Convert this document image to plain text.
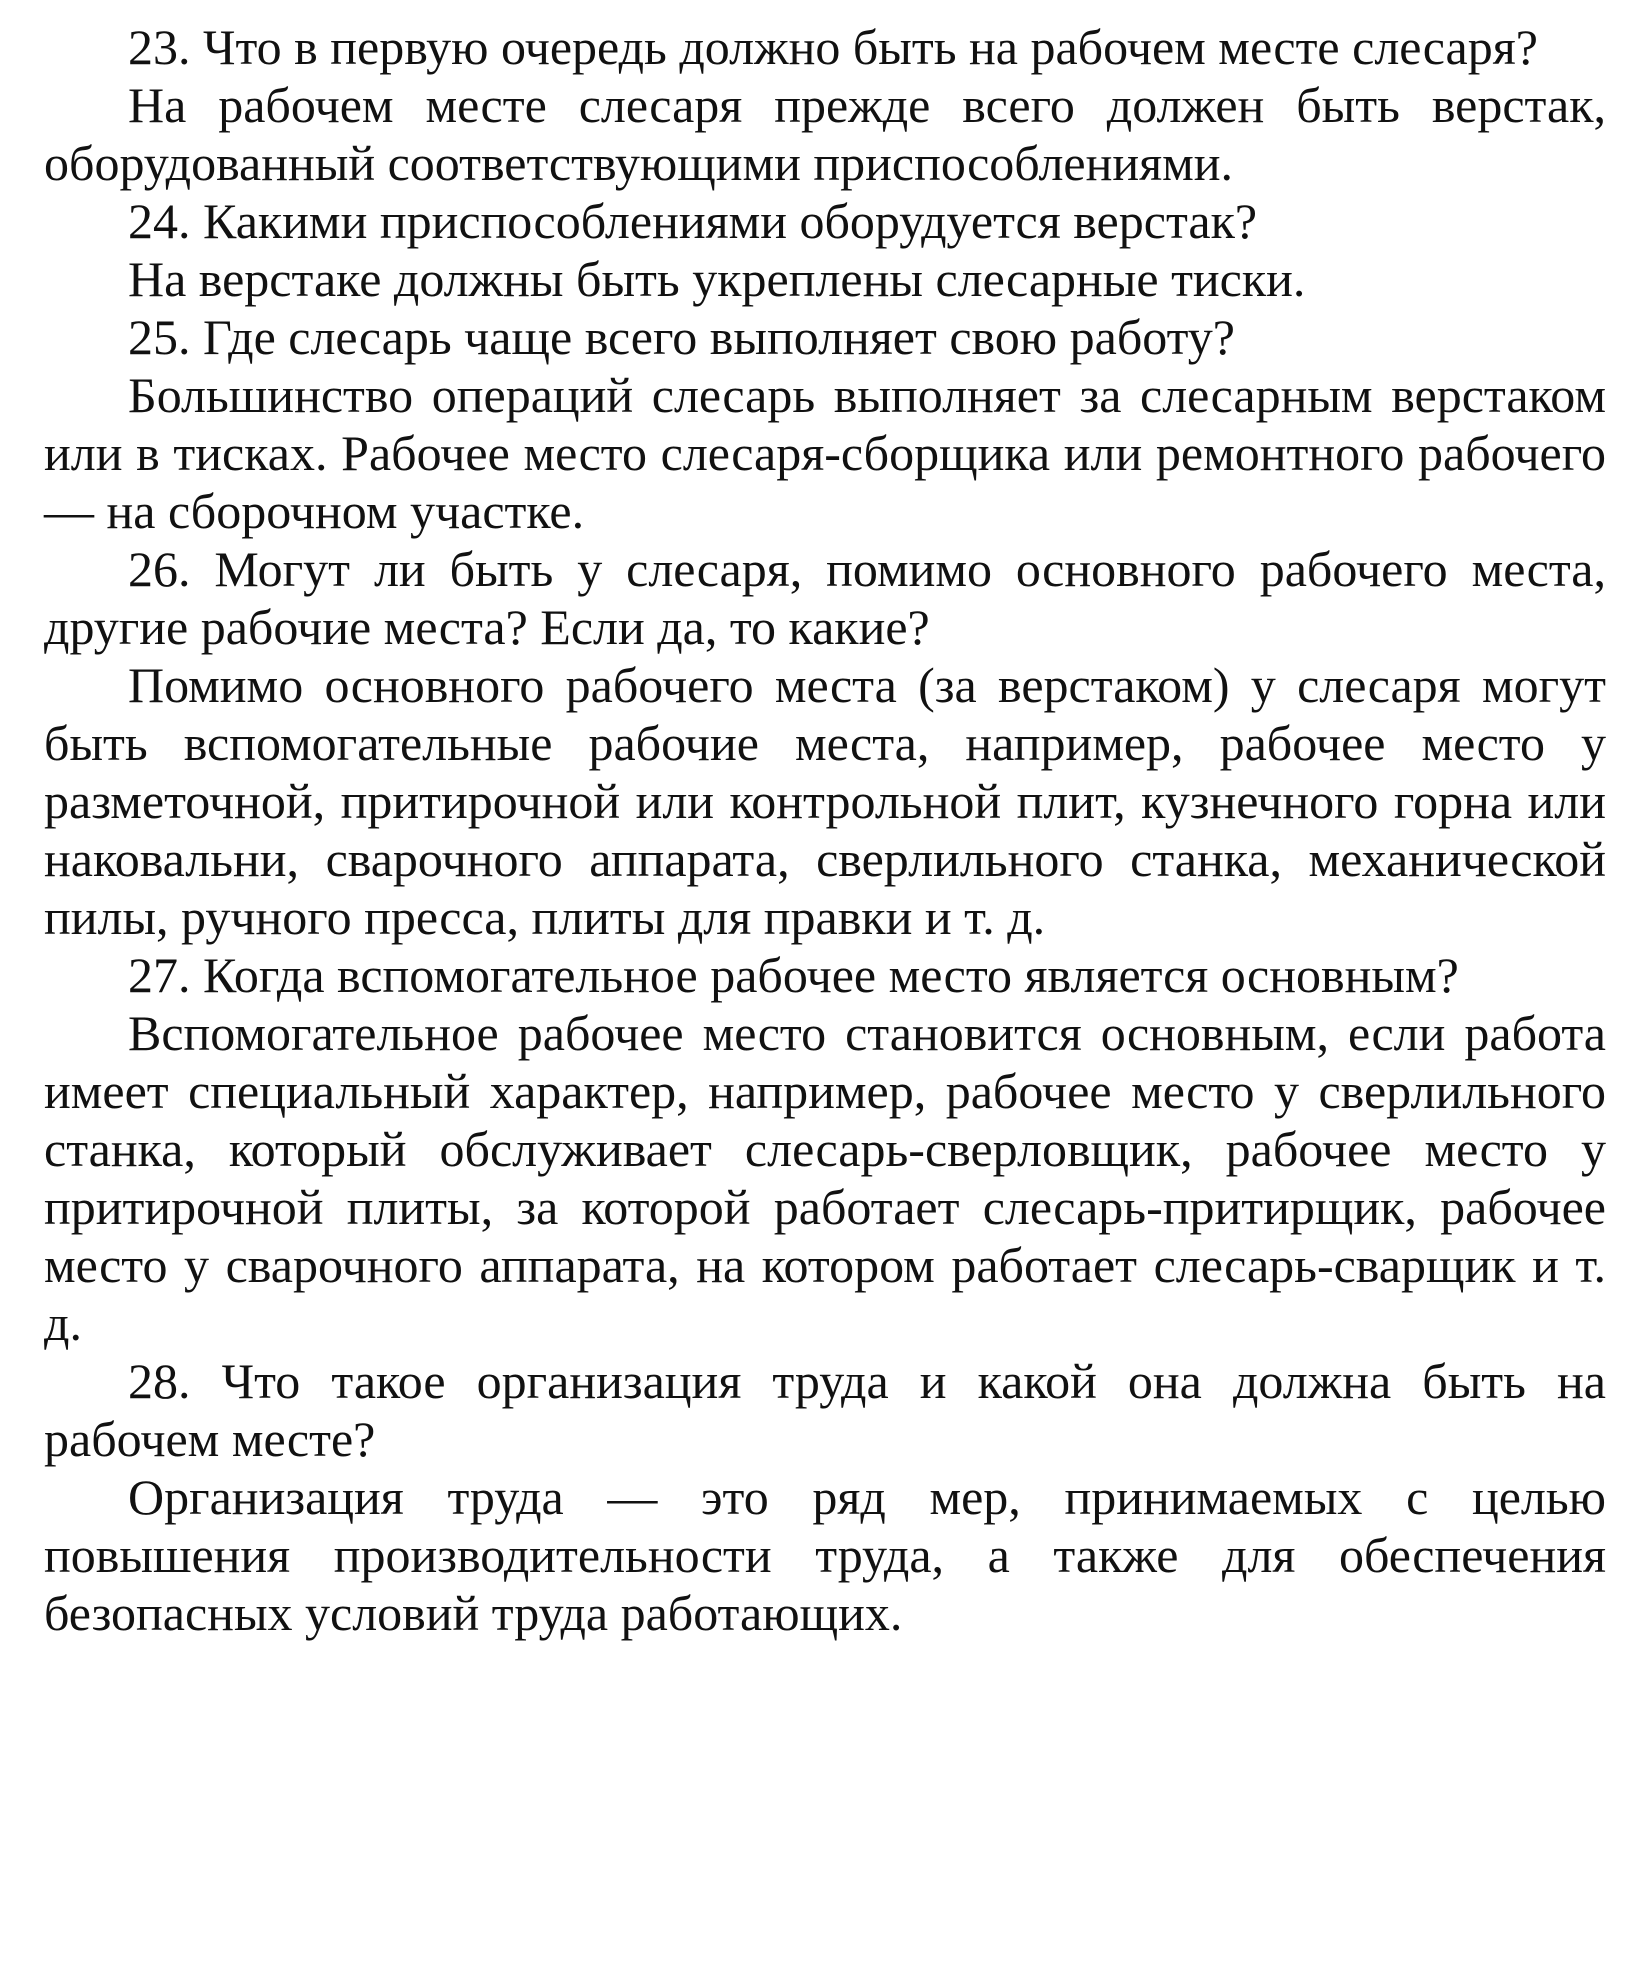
23. Что в первую очередь должно быть на рабочем месте слесаря?

На рабочем месте слесаря прежде всего должен быть верстак, оборудованный соответствующими приспособлениями.

24. Какими приспособлениями оборудуется верстак?

На верстаке должны быть укреплены слесарные тиски.

25. Где слесарь чаще всего выполняет свою работу?

Большинство операций слесарь выполняет за слесарным верстаком или в тисках. Рабочее место слесаря-сборщика или ремонтного рабочего — на сборочном участке.

26. Могут ли быть у слесаря, помимо основного рабочего места, другие рабочие места? Если да, то какие?

Помимо основного рабочего места (за верстаком) у слесаря могут быть вспомогательные рабочие места, например, рабочее место у разметочной, притирочной или контрольной плит, кузнечного горна или наковальни, сварочного аппарата, сверлильного станка, механической пилы, ручного пресса, плиты для правки и т. д.

27. Когда вспомогательное рабочее место является основным?

Вспомогательное рабочее место становится основным, если работа имеет специальный характер, например, рабочее место у сверлильного станка, который обслуживает слесарь-сверловщик, рабочее место у притирочной плиты, за которой работает слесарь-притирщик, рабочее место у сварочного аппарата, на котором работает слесарь-сварщик и т. д.

28. Что такое организация труда и какой она должна быть на рабочем месте?

Организация труда — это ряд мер, принимаемых с целью повышения производительности труда, а также для обеспечения безопасных условий труда работающих.
